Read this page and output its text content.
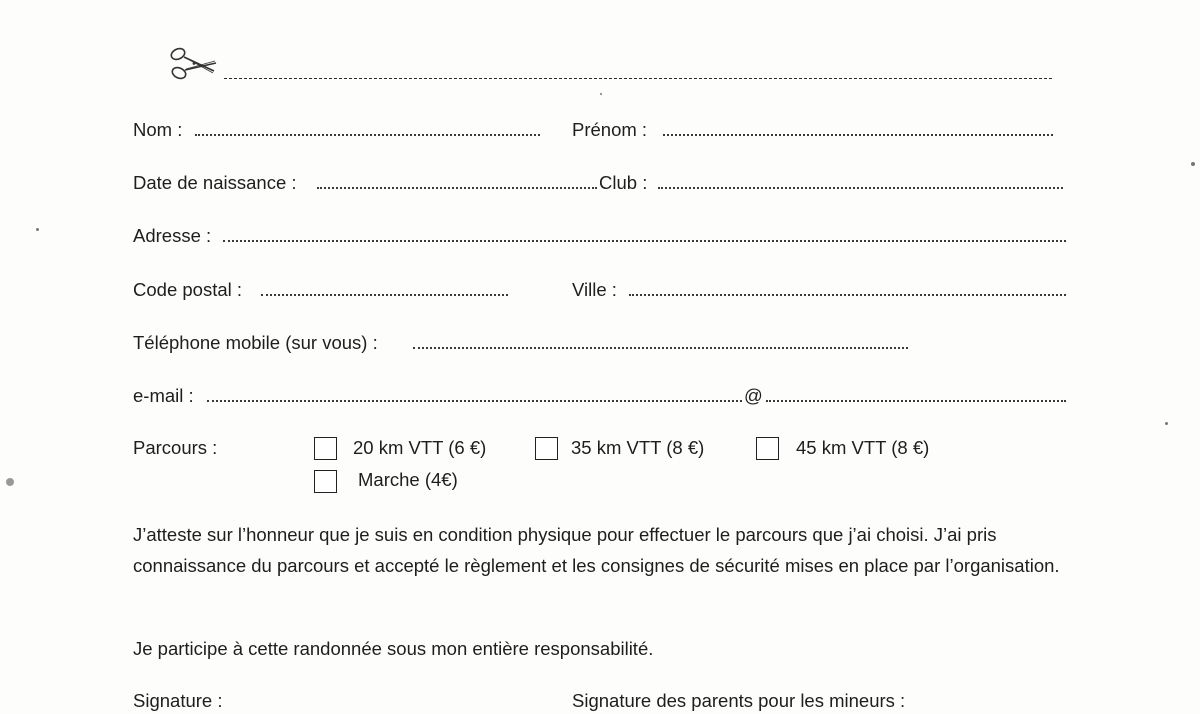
Nom :	Prénom :
Date de naissance :	Club :
Adresse :
Code postal :	Ville :
Téléphone mobile (sur vous) :
e-mail :	@
Parcours :	20 km VTT (6 €)	35 km VTT (8 €)	45 km VTT (8 €)
Marche (4€)
J’atteste sur l’honneur que je suis en condition physique pour effectuer le parcours que j’ai choisi. J’ai pris connaissance du parcours et accepté le règlement et les consignes de sécurité mises en place par l’organisation.
Je participe à cette randonnée sous mon entière responsabilité.
Signature :	Signature des parents pour les mineurs :
